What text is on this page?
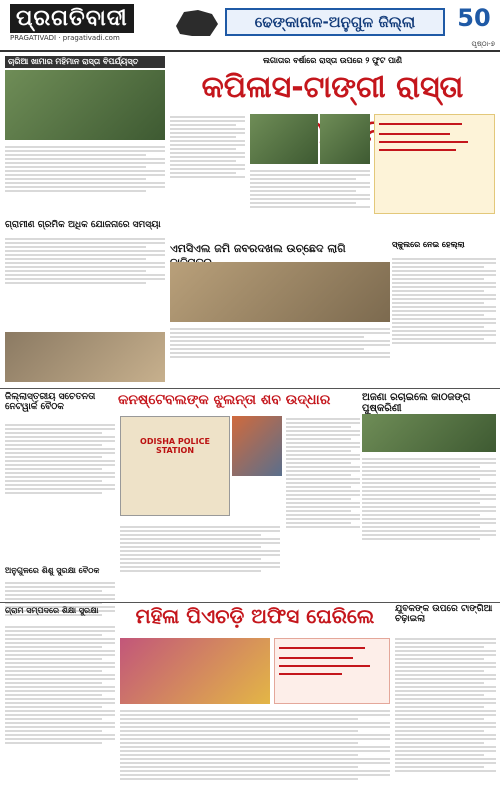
ପ୍ରଗତିବାଦୀ
PRAGATIVADI · pragativadi.com
ଢେଙ୍କାନାଳ-ଅନୁଗୁଳ ଜିଲ୍ଲା	50
ପୃଷ୍ଠା-୭
ଚାରିଆ ଖାମାର ମହିମାନ ରାସ୍ତା ବିପର୍ଯ୍ୟସ୍ତ	ଲଗାତାର ବର୍ଷାରେ ରାସ୍ତା ଉପରେ ୨ ଫୁଟ ପାଣି
କପିଳାସ-ଟାଙ୍ଗୀ ରାସ୍ତା
ଗ୍ରାମୀଣ ଗ୍ରମିକ ଅଧିକ ଯୋଜନାରେ ସମସ୍ୟା
ଏମସିଏଲ ଜମି ଜବରଦଖଲ ଉଚ୍ଛେଦ ଲାଗି	ସ୍କୁଲରେ ନେଇ ହେଲ୍ଲା
ଜିଲ୍ଲାସ୍ତରୀୟ ସଚେତନତା ନେଟୱାର୍କ ବୈଠକ	କନଷ୍ଟେବଲଙ୍କ ଝୁଲନ୍ତା ଶବ ଉଦ୍ଧାର	ଅଜଣା ରଚାଇଲେ କାଠଜଙ୍ଗ ପୁଷ୍କରିଣୀ
ODISHA POLICE STATION
ଅନୁଗୁଳରେ ଶିଶୁ ସୁରକ୍ଷା ବୈଠକ
ଗ୍ରାମ ସମ୍ପଦରେ ଶିକ୍ଷା ସୁରକ୍ଷା	ମହିଳା ପିଏଚଡ଼ି ଅଫିସ ଘେରିଲେ	ଯୁବକଙ୍କ ଉପରେ ଟାଙ୍ଗିଆ ଚଢ଼ାଇଲା
